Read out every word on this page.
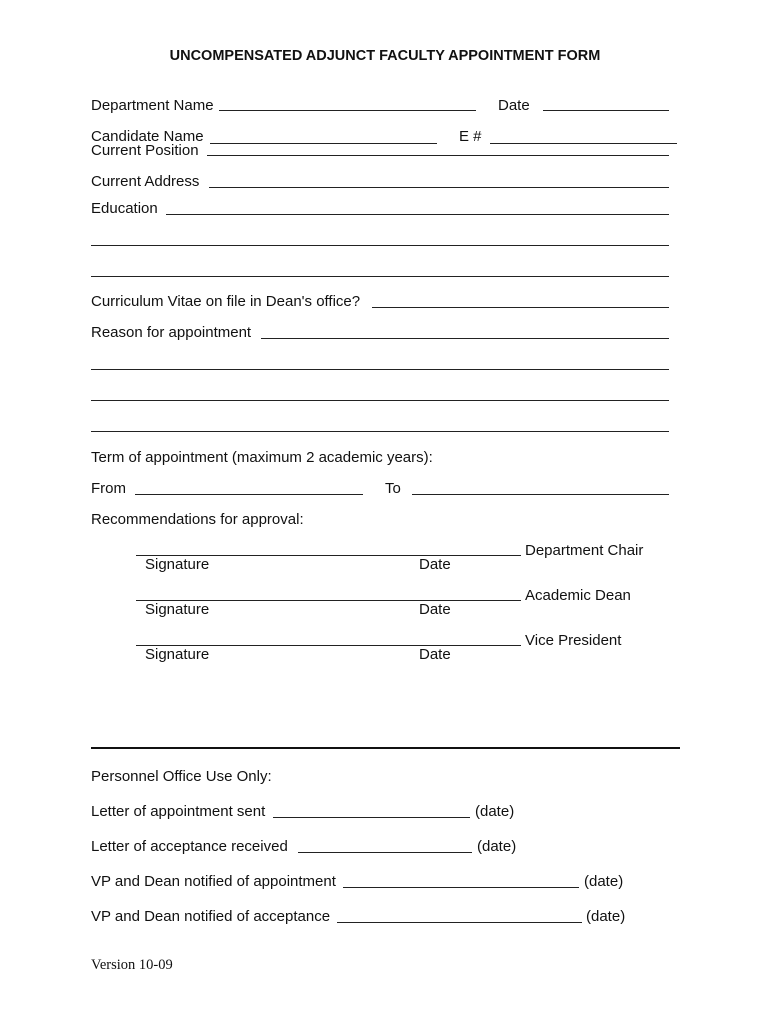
UNCOMPENSATED ADJUNCT FACULTY APPOINTMENT FORM
Department Name	Date
Candidate Name	E #
Current Position
Current Address
Education
Curriculum Vitae on file in Dean's office?
Reason for appointment
Term of appointment (maximum 2 academic years):
From	To
Recommendations for approval:
Department Chair
Signature	Date
Academic Dean
Signature	Date
Vice President
Signature	Date
Personnel Office Use Only:
Letter of appointment sent	(date)
Letter of acceptance received	(date)
VP and Dean notified of appointment	(date)
VP and Dean notified of acceptance	(date)
Version 10-09
